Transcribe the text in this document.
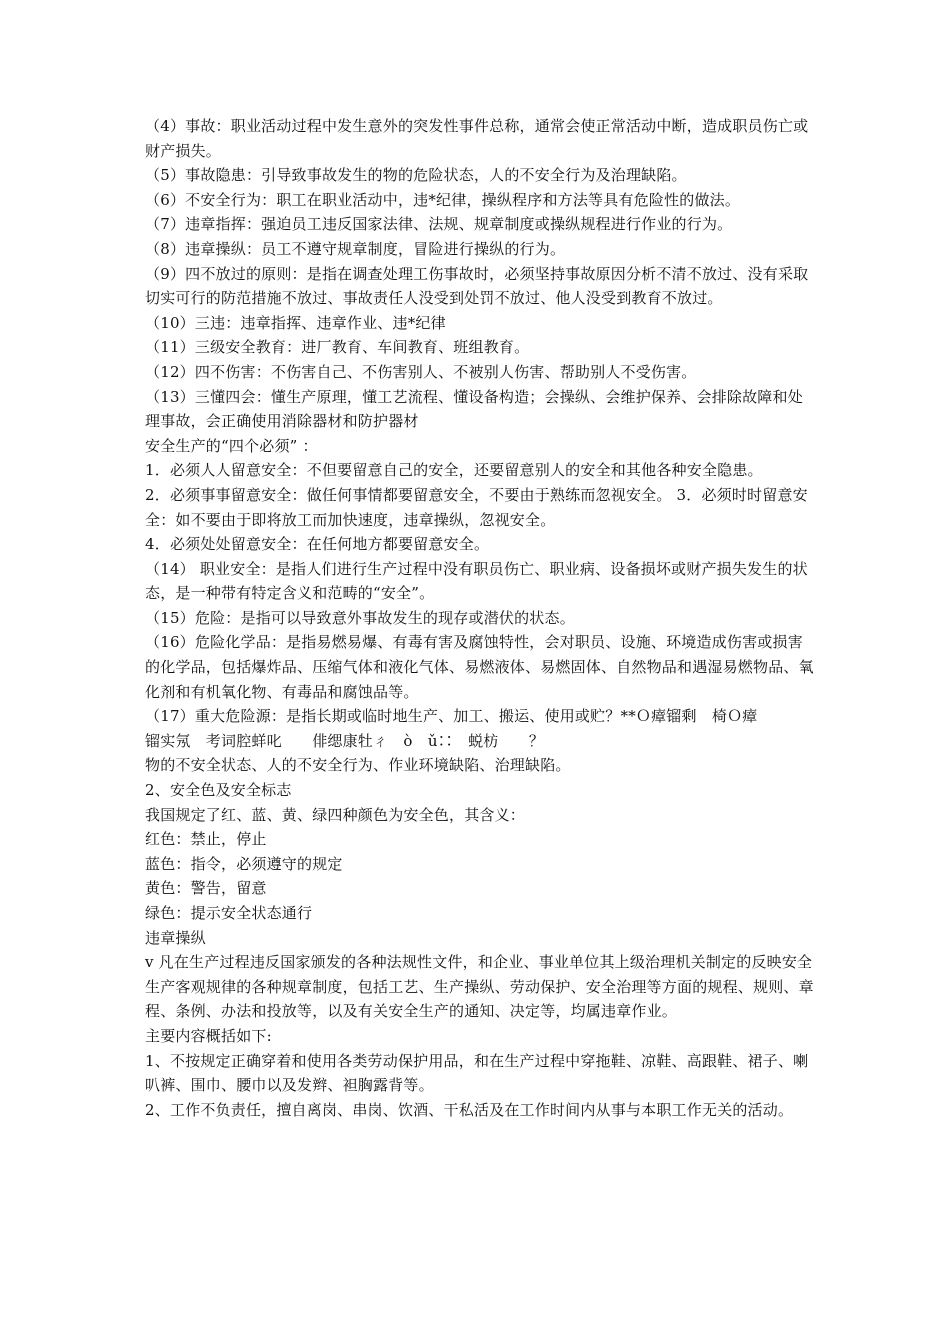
（4）事故：职业活动过程中发生意外的突发性事件总称，通常会使正常活动中断，造成职员伤亡或财产损失。

（5）事故隐患：引导致事故发生的物的危险状态，人的不安全行为及治理缺陷。

（6）不安全行为：职工在职业活动中，违*纪律，操纵程序和方法等具有危险性的做法。

（7）违章指挥：强迫员工违反国家法律、法规、规章制度或操纵规程进行作业的行为。

（8）违章操纵：员工不遵守规章制度，冒险进行操纵的行为。

（9）四不放过的原则：是指在调查处理工伤事故时，必须坚持事故原因分析不清不放过、没有采取切实可行的防范措施不放过、事故责任人没受到处罚不放过、他人没受到教育不放过。

（10）三违：违章指挥、违章作业、违*纪律

（11）三级安全教育：进厂教育、车间教育、班组教育。

（12）四不伤害：不伤害自己、不伤害别人、不被别人伤害、帮助别人不受伤害。

（13）三懂四会：懂生产原理，懂工艺流程、懂设备构造；会操纵、会维护保养、会排除故障和处理事故，会正确使用消除器材和防护器材

安全生产的“四个必须” ：

1．必须人人留意安全：不但要留意自己的安全，还要留意别人的安全和其他各种安全隐患。

2．必须事事留意安全：做任何事情都要留意安全，不要由于熟练而忽视安全。 3．必须时时留意安全：如不要由于即将放工而加快速度，违章操纵，忽视安全。

4．必须处处留意安全：在任何地方都要留意安全。

（14） 职业安全：是指人们进行生产过程中没有职员伤亡、职业病、设备损坏或财产损失发生的状态，是一种带有特定含义和范畴的“安全”。

（15）危险：是指可以导致意外事故发生的现存或潜伏的状态。

（16）危险化学品：是指易燃易爆、有毒有害及腐蚀特性，会对职员、设施、环境造成伤害或损害的化学品，包括爆炸品、压缩气体和液化气体、易燃液体、易燃固体、自然物品和遇湿易燃物品、氧化剂和有机氧化物、有毒品和腐蚀品等。

（17）重大危险源：是指长期或临时地生产、加工、搬运、使用或贮？**Ｏ瘴镏剩　椅Ｏ瘴

镏实氖　考词腔蛘叱　　俳缌康牡ㄔ　ò　ǔ∷　蜕枋　　？

物的不安全状态、人的不安全行为、作业环境缺陷、治理缺陷。

2、安全色及安全标志

我国规定了红、蓝、黄、绿四种颜色为安全色，其含义：

红色：禁止，停止

蓝色：指令，必须遵守的规定

黄色：警告，留意

绿色：提示安全状态通行

违章操纵

v 凡在生产过程违反国家颁发的各种法规性文件，和企业、事业单位其上级治理机关制定的反映安全生产客观规律的各种规章制度，包括工艺、生产操纵、劳动保护、安全治理等方面的规程、规则、章程、条例、办法和投放等，以及有关安全生产的通知、决定等，均属违章作业。

主要内容概括如下:

1、不按规定正确穿着和使用各类劳动保护用品，和在生产过程中穿拖鞋、凉鞋、高跟鞋、裙子、喇叭裤、围巾、腰巾以及发辫、袒胸露背等。

2、工作不负责任，擅自离岗、串岗、饮酒、干私活及在工作时间内从事与本职工作无关的活动。
